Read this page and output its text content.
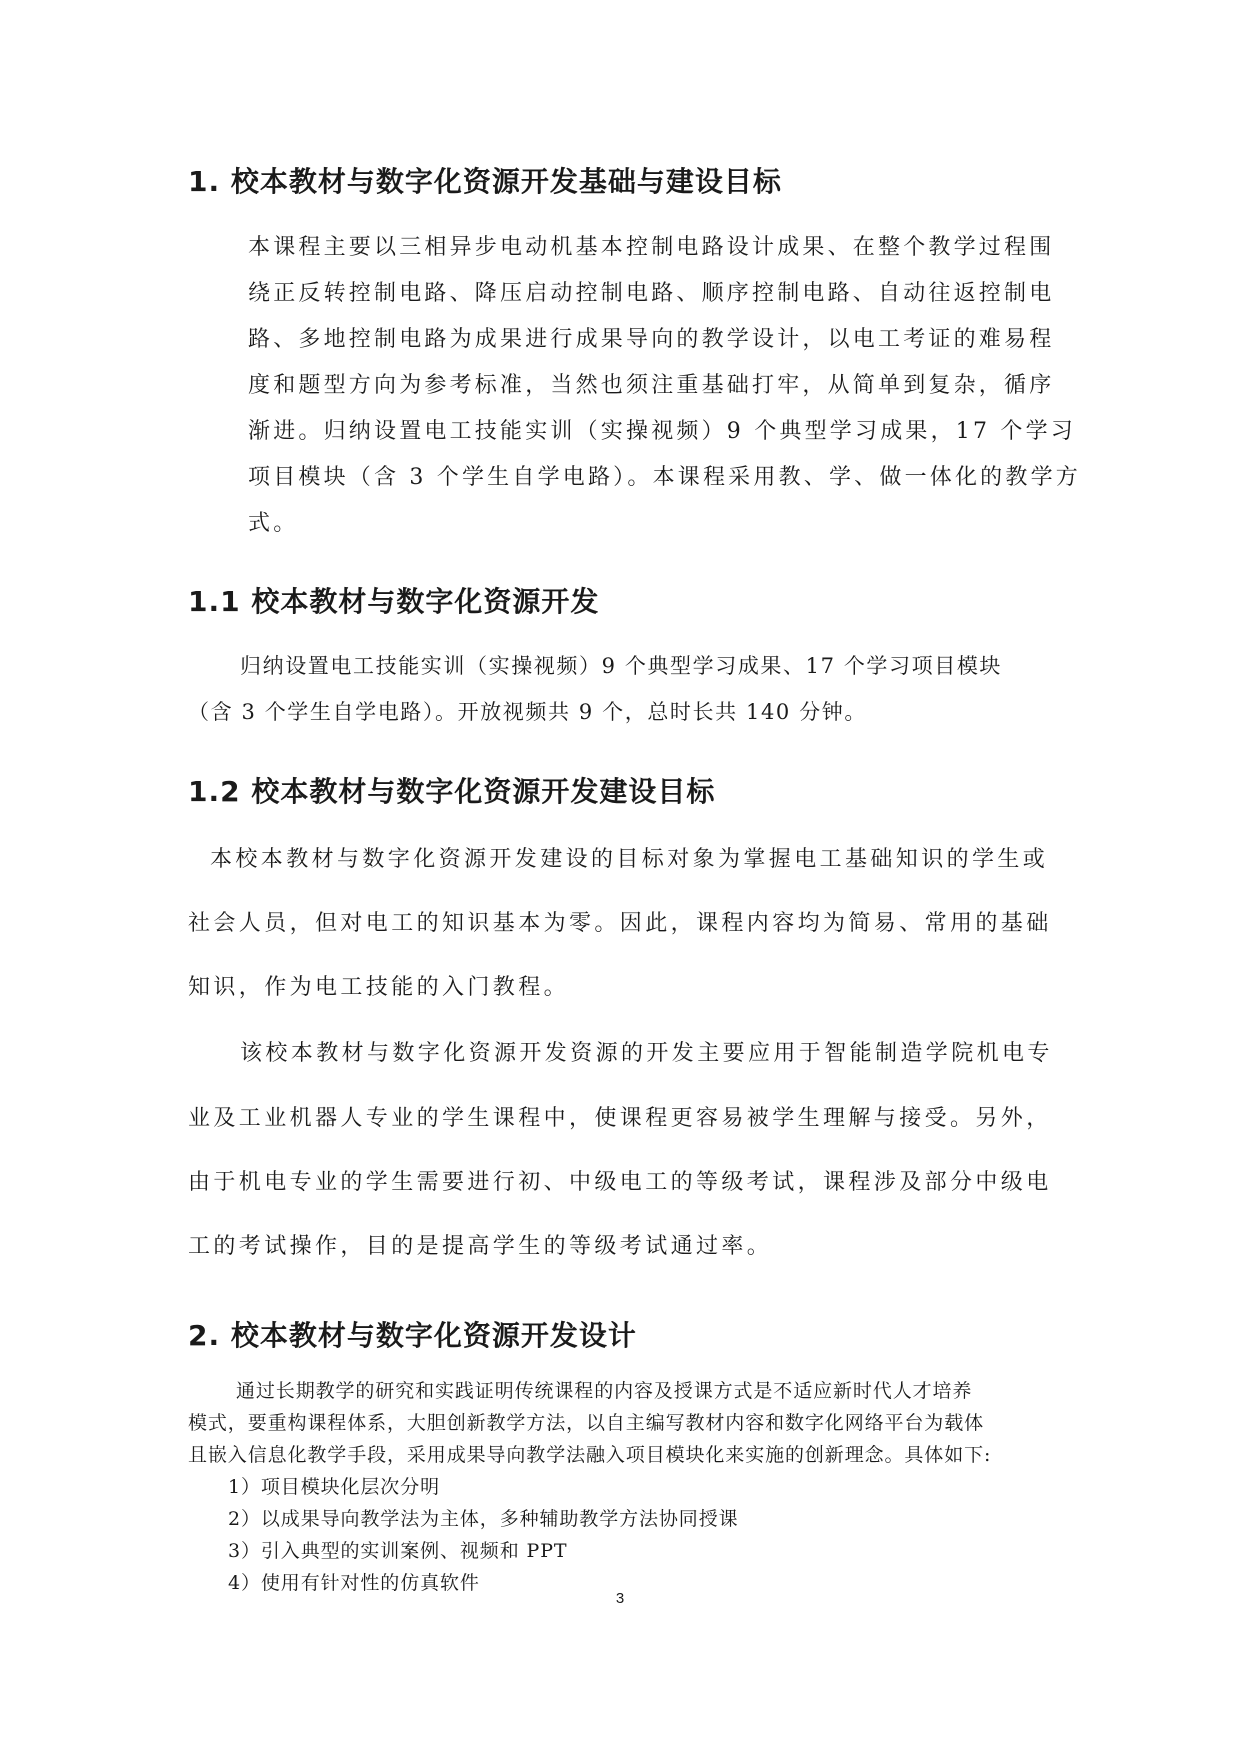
1. 校本教材与数字化资源开发基础与建设目标
本课程主要以三相异步电动机基本控制电路设计成果、在整个教学过程围
绕正反转控制电路、降压启动控制电路、顺序控制电路、自动往返控制电
路、多地控制电路为成果进行成果导向的教学设计，以电工考证的难易程
度和题型方向为参考标准，当然也须注重基础打牢，从简单到复杂，循序
渐进。归纳设置电工技能实训（实操视频）9 个典型学习成果，17 个学习
项目模块（含 3 个学生自学电路）。本课程采用教、学、做一体化的教学方
式。
1.1 校本教材与数字化资源开发
归纳设置电工技能实训（实操视频）9 个典型学习成果、17 个学习项目模块
（含 3 个学生自学电路）。开放视频共 9 个，总时长共 140 分钟。
1.2 校本教材与数字化资源开发建设目标
本校本教材与数字化资源开发建设的目标对象为掌握电工基础知识的学生或
社会人员，但对电工的知识基本为零。因此，课程内容均为简易、常用的基础
知识，作为电工技能的入门教程。
该校本教材与数字化资源开发资源的开发主要应用于智能制造学院机电专
业及工业机器人专业的学生课程中，使课程更容易被学生理解与接受。另外，
由于机电专业的学生需要进行初、中级电工的等级考试，课程涉及部分中级电
工的考试操作，目的是提高学生的等级考试通过率。
2. 校本教材与数字化资源开发设计
通过长期教学的研究和实践证明传统课程的内容及授课方式是不适应新时代人才培养
模式，要重构课程体系，大胆创新教学方法，以自主编写教材内容和数字化网络平台为载体
且嵌入信息化教学手段，采用成果导向教学法融入项目模块化来实施的创新理念。具体如下:
1）项目模块化层次分明
2）以成果导向教学法为主体，多种辅助教学方法协同授课
3）引入典型的实训案例、视频和 PPT
4）使用有针对性的仿真软件
3
